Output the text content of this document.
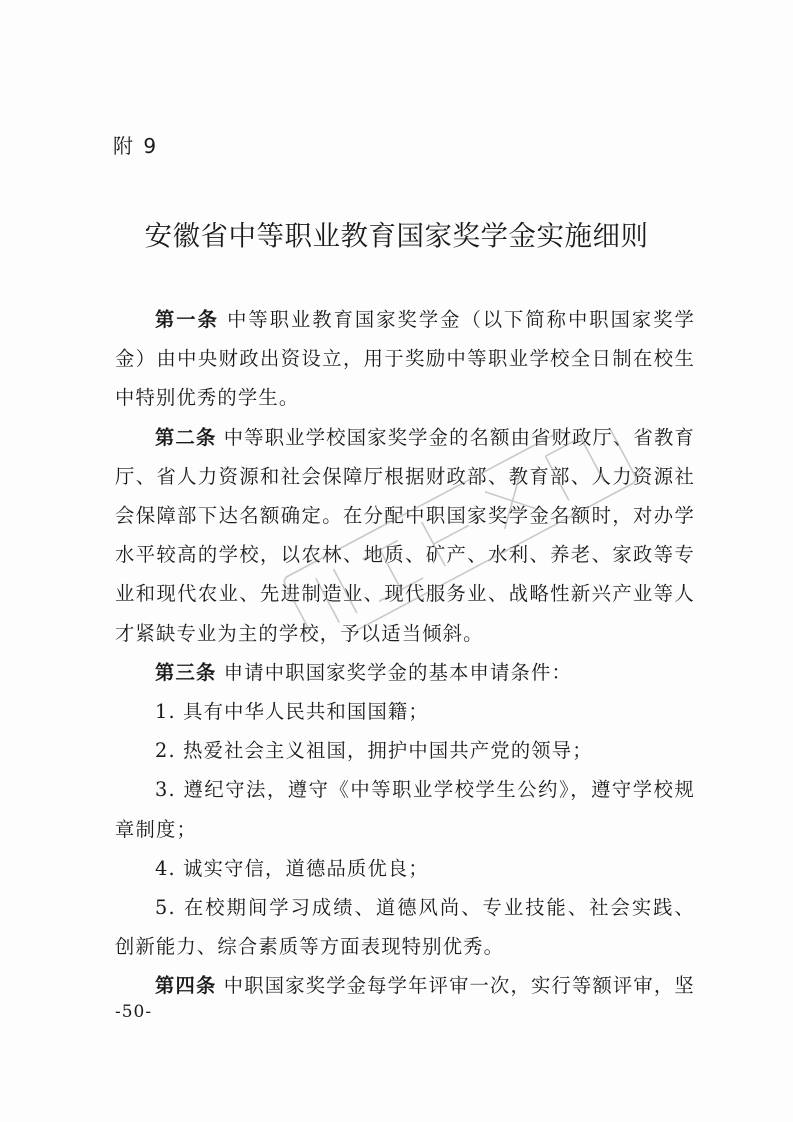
附 9
安徽省中等职业教育国家奖学金实施细则

第一条 中等职业教育国家奖学金（以下简称中职国家奖学金）由中央财政出资设立，用于奖励中等职业学校全日制在校生中特别优秀的学生。

第二条 中等职业学校国家奖学金的名额由省财政厅、省教育厅、省人力资源和社会保障厅根据财政部、教育部、人力资源社会保障部下达名额确定。在分配中职国家奖学金名额时，对办学水平较高的学校，以农林、地质、矿产、水利、养老、家政等专业和现代农业、先进制造业、现代服务业、战略性新兴产业等人才紧缺专业为主的学校，予以适当倾斜。

第三条 申请中职国家奖学金的基本申请条件：

1. 具有中华人民共和国国籍；

2. 热爱社会主义祖国，拥护中国共产党的领导；

3. 遵纪守法，遵守《中等职业学校学生公约》，遵守学校规章制度；

4. 诚实守信，道德品质优良；

5. 在校期间学习成绩、道德风尚、专业技能、社会实践、创新能力、综合素质等方面表现特别优秀。

第四条 中职国家奖学金每学年评审一次，实行等额评审，坚

-50-
